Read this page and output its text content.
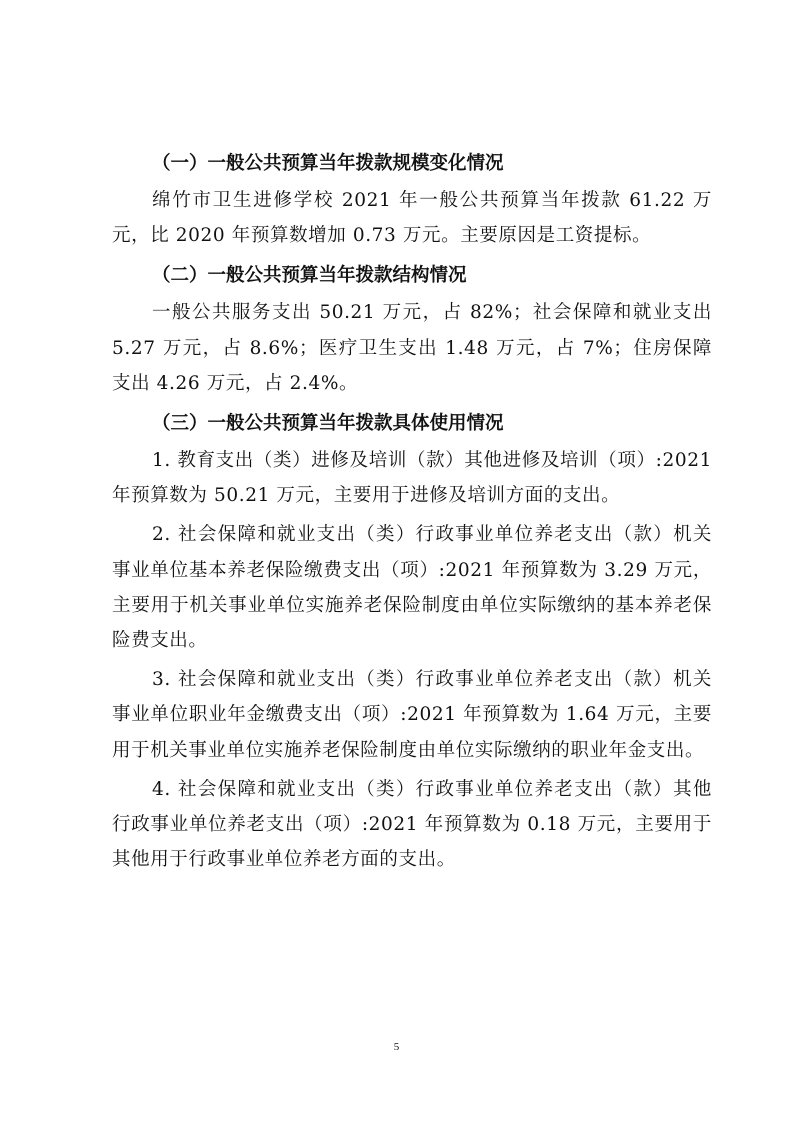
（一）一般公共预算当年拨款规模变化情况

绵竹市卫生进修学校 2021 年一般公共预算当年拨款 61.22 万元，比 2020 年预算数增加 0.73 万元。主要原因是工资提标。

（二）一般公共预算当年拨款结构情况

一般公共服务支出 50.21 万元，占 82%；社会保障和就业支出 5.27 万元，占 8.6%；医疗卫生支出 1.48 万元，占 7%；住房保障支出 4.26 万元，占 2.4%。

（三）一般公共预算当年拨款具体使用情况

1. 教育支出（类）进修及培训（款）其他进修及培训（项）:2021 年预算数为 50.21 万元，主要用于进修及培训方面的支出。

2. 社会保障和就业支出（类）行政事业单位养老支出（款）机关事业单位基本养老保险缴费支出（项）:2021 年预算数为 3.29 万元，主要用于机关事业单位实施养老保险制度由单位实际缴纳的基本养老保险费支出。

3. 社会保障和就业支出（类）行政事业单位养老支出（款）机关事业单位职业年金缴费支出（项）:2021 年预算数为 1.64 万元，主要用于机关事业单位实施养老保险制度由单位实际缴纳的职业年金支出。

4. 社会保障和就业支出（类）行政事业单位养老支出（款）其他行政事业单位养老支出（项）:2021 年预算数为 0.18 万元，主要用于其他用于行政事业单位养老方面的支出。

5
